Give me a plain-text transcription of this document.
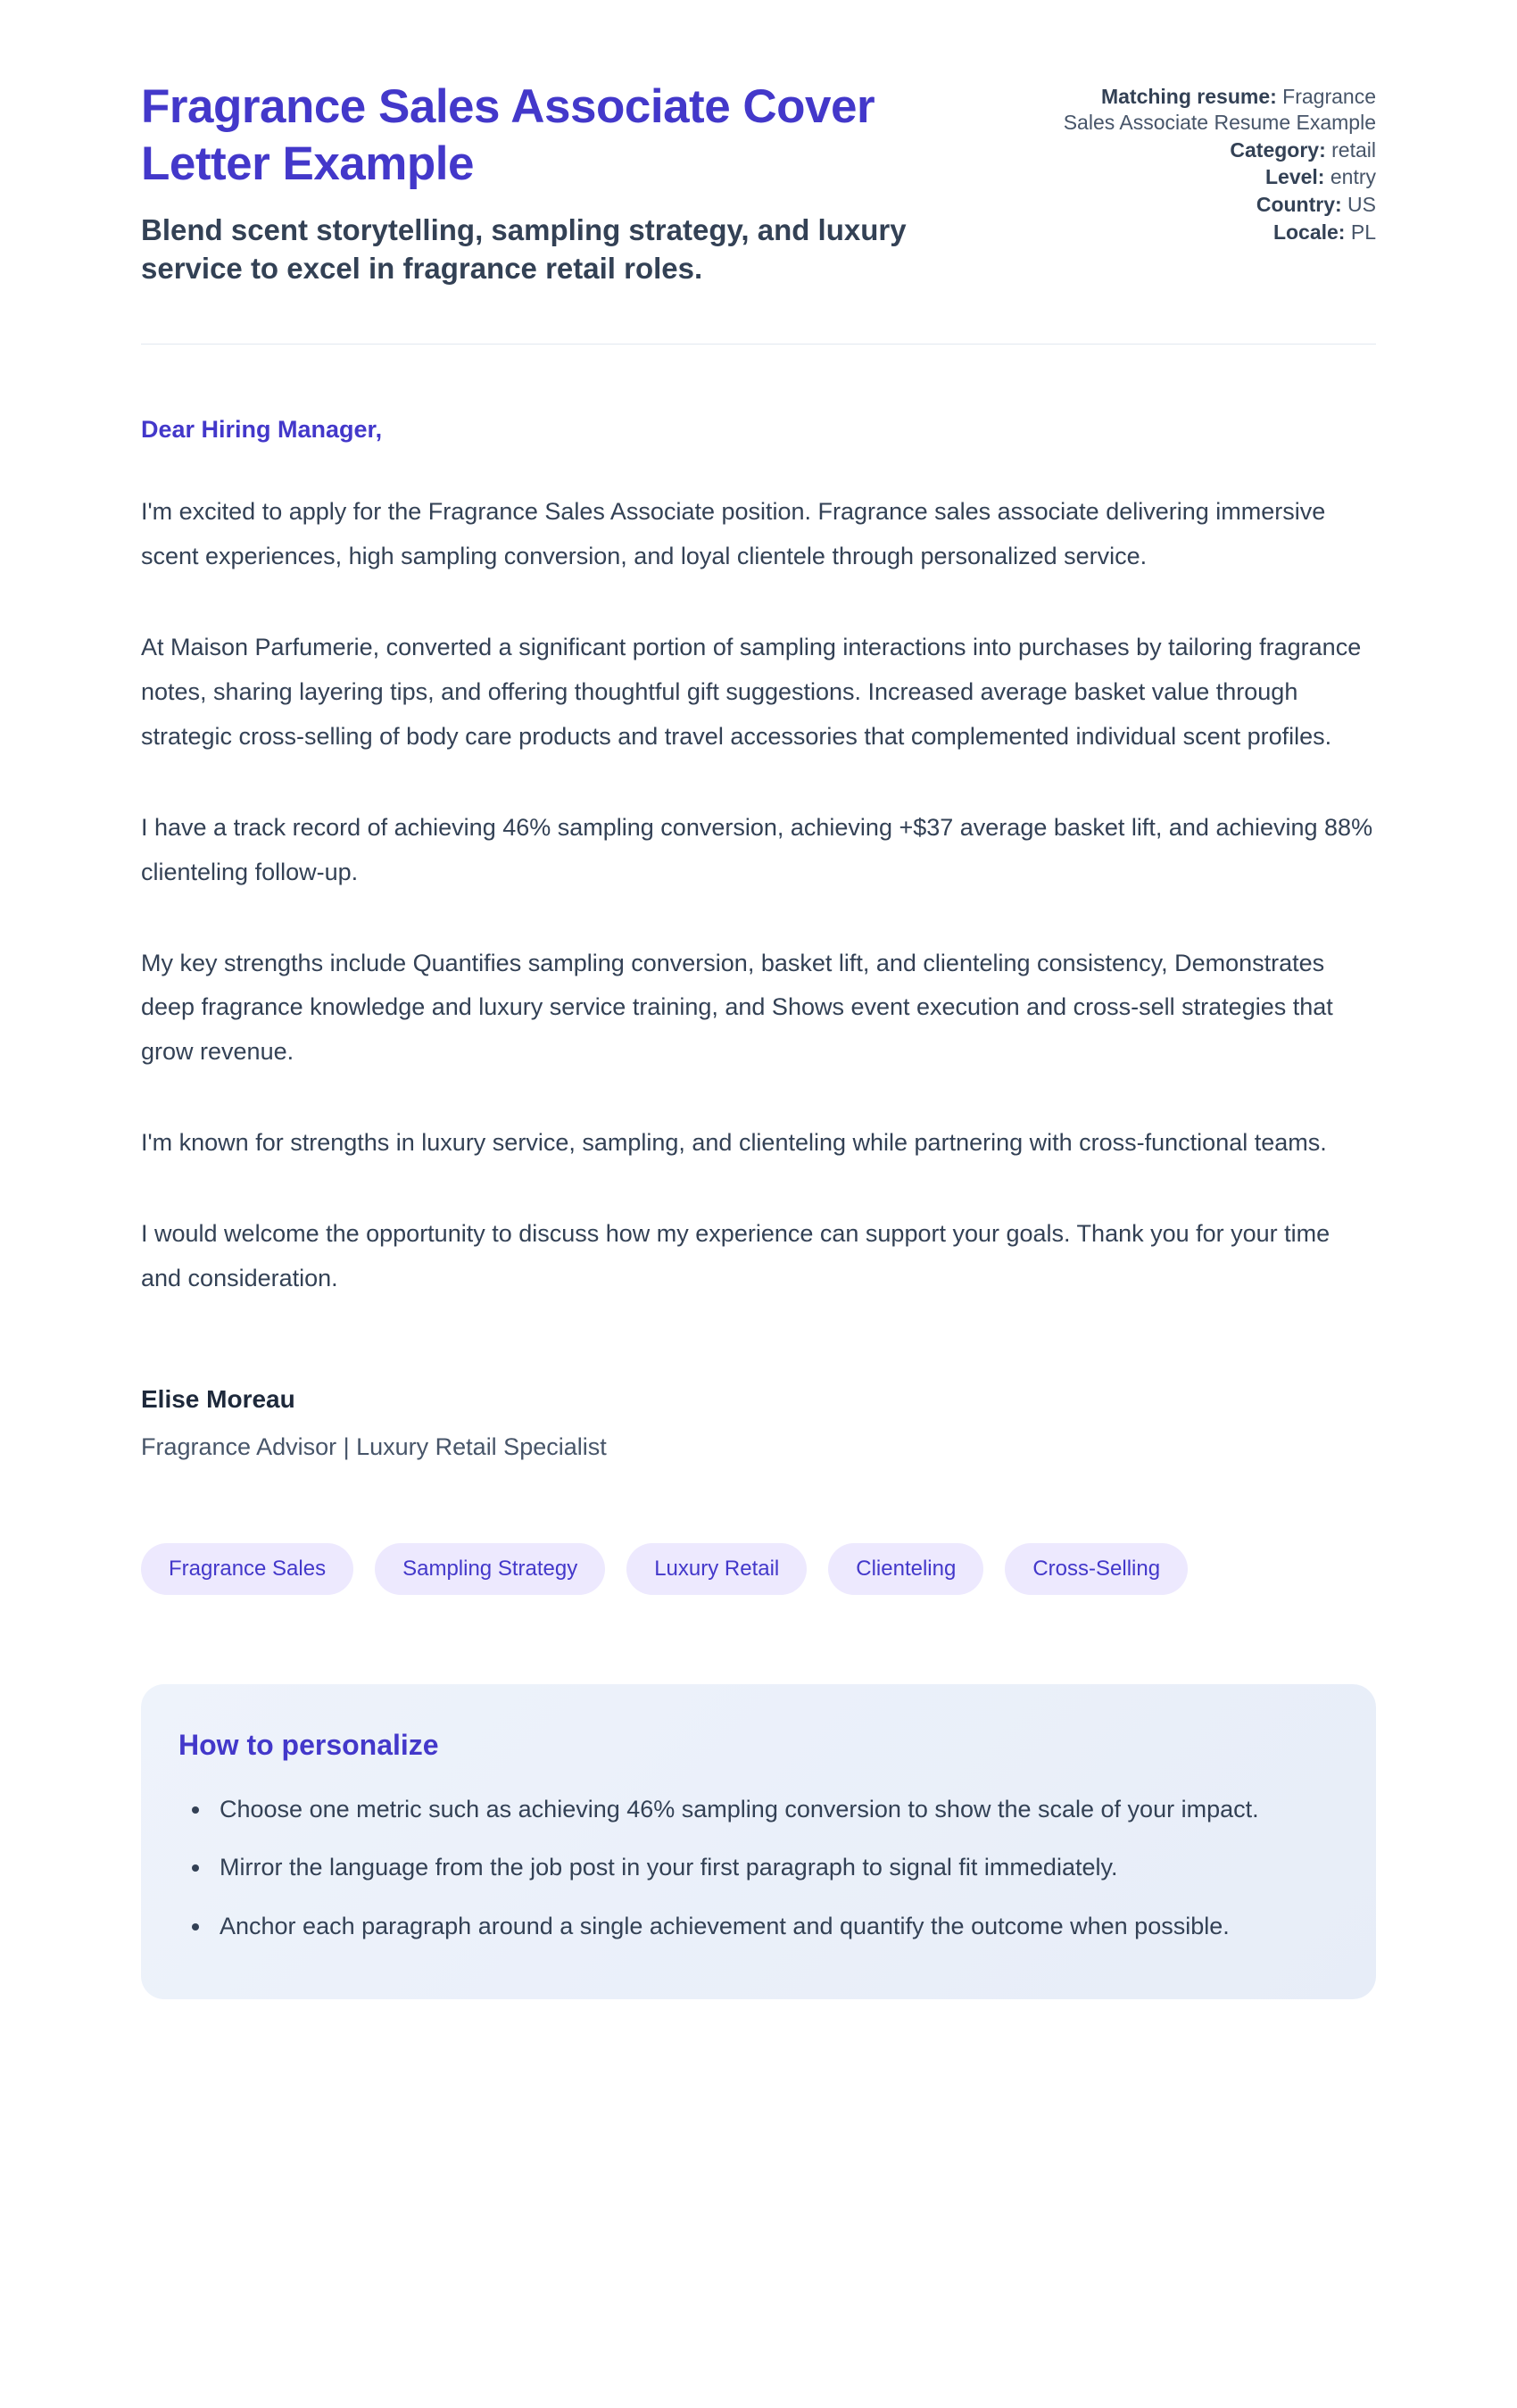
Fragrance Sales Associate Cover Letter Example

Blend scent storytelling, sampling strategy, and luxury service to excel in fragrance retail roles.

Matching resume: Fragrance Sales Associate Resume Example
Category: retail
Level: entry
Country: US
Locale: PL

Dear Hiring Manager,

I'm excited to apply for the Fragrance Sales Associate position. Fragrance sales associate delivering immersive scent experiences, high sampling conversion, and loyal clientele through personalized service.

At Maison Parfumerie, converted a significant portion of sampling interactions into purchases by tailoring fragrance notes, sharing layering tips, and offering thoughtful gift suggestions. Increased average basket value through strategic cross-selling of body care products and travel accessories that complemented individual scent profiles.

I have a track record of achieving 46% sampling conversion, achieving +$37 average basket lift, and achieving 88% clienteling follow-up.

My key strengths include Quantifies sampling conversion, basket lift, and clienteling consistency, Demonstrates deep fragrance knowledge and luxury service training, and Shows event execution and cross-sell strategies that grow revenue.

I'm known for strengths in luxury service, sampling, and clienteling while partnering with cross-functional teams.

I would welcome the opportunity to discuss how my experience can support your goals. Thank you for your time and consideration.

Elise Moreau

Fragrance Advisor | Luxury Retail Specialist

Fragrance Sales	Sampling Strategy	Luxury Retail	Clienteling	Cross-Selling
How to personalize
• Choose one metric such as achieving 46% sampling conversion to show the scale of your impact.
• Mirror the language from the job post in your first paragraph to signal fit immediately.
• Anchor each paragraph around a single achievement and quantify the outcome when possible.
